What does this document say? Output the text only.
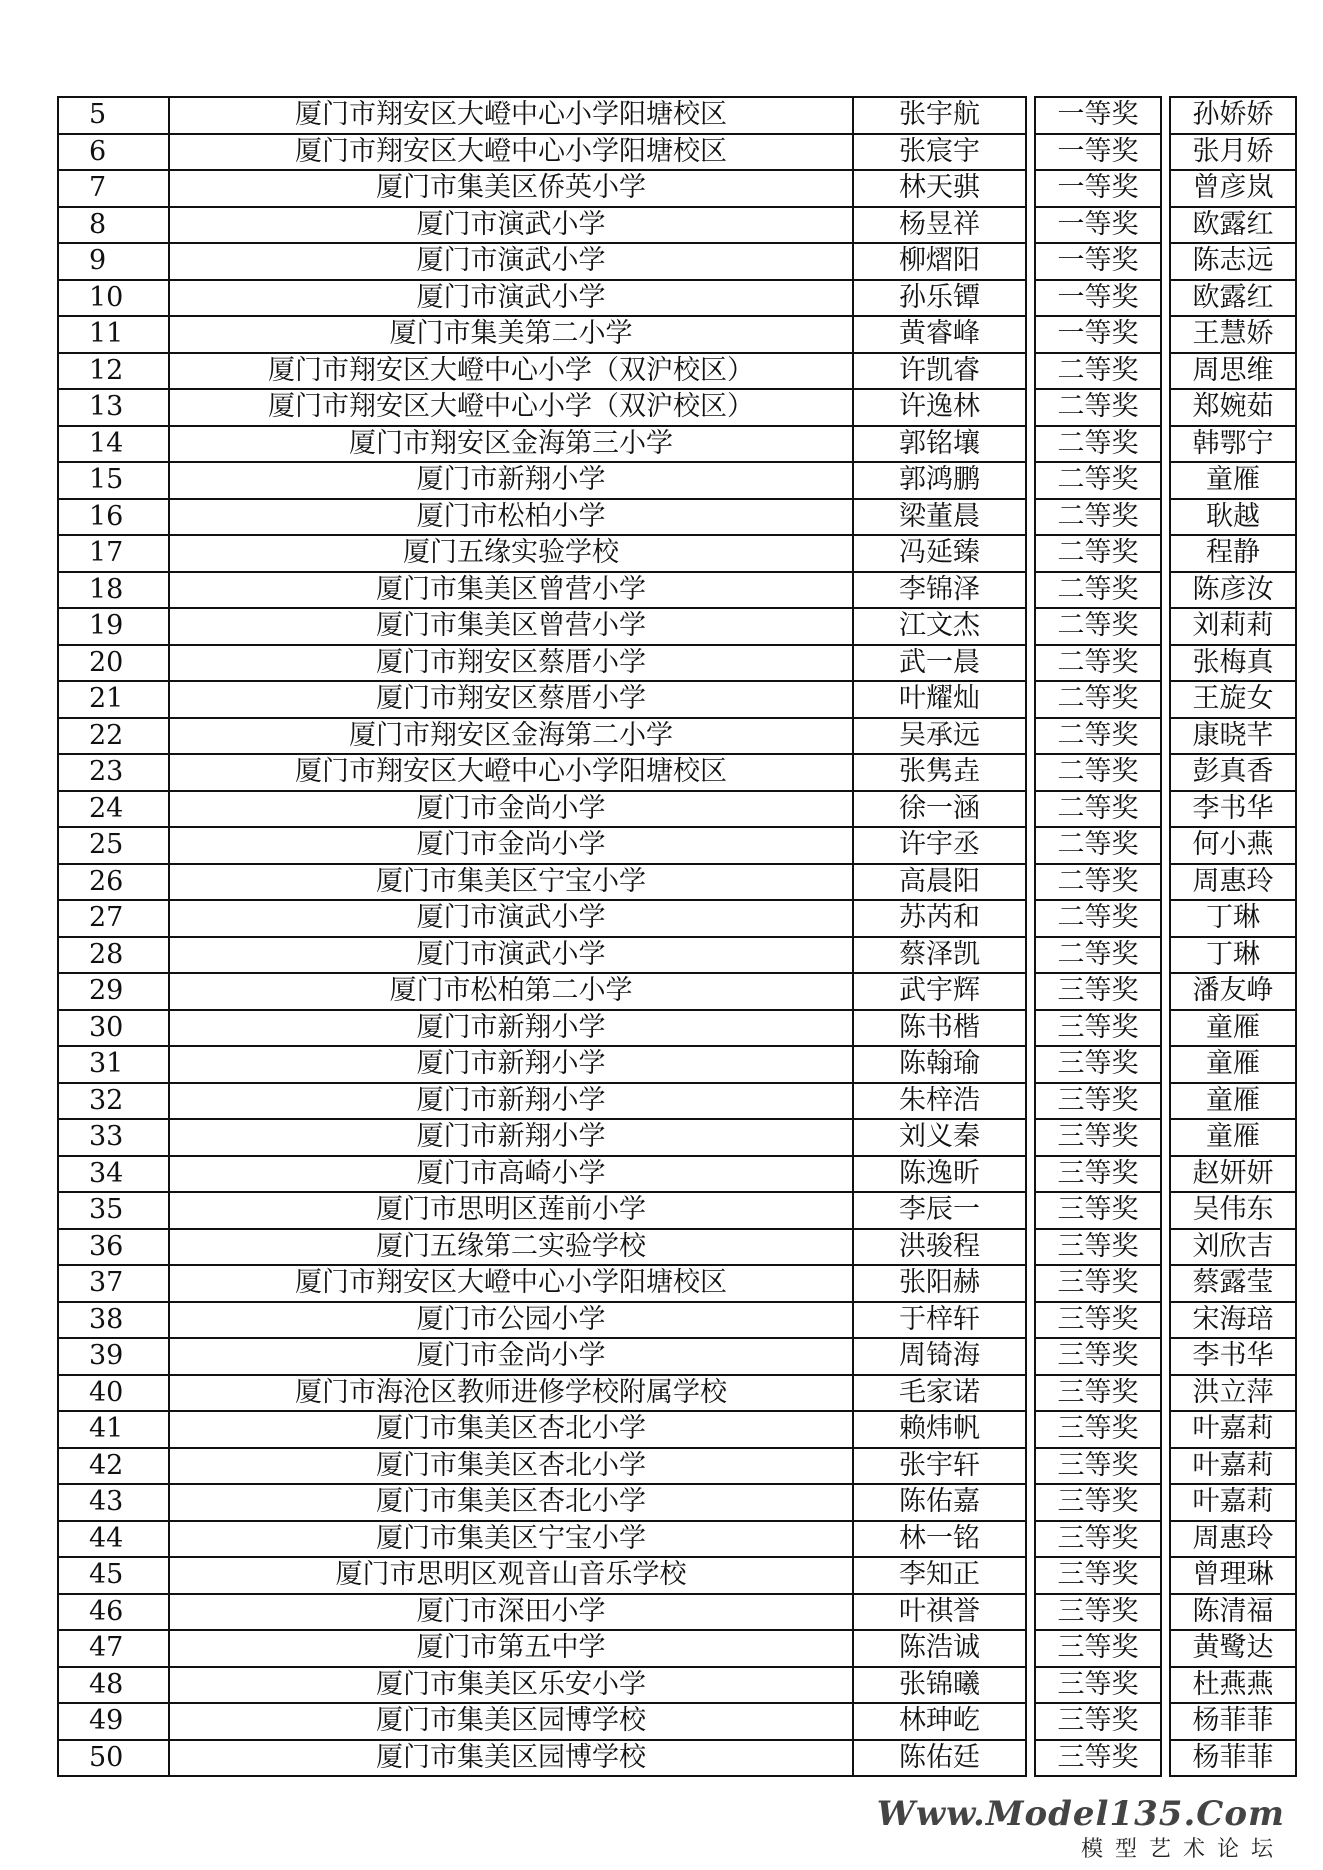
5	厦门市翔安区大嶝中心小学阳塘校区	张宇航		一等奖		孙娇娇
6	厦门市翔安区大嶝中心小学阳塘校区	张宸宇		一等奖		张月娇
7	厦门市集美区侨英小学	林天骐		一等奖		曾彦岚
8	厦门市演武小学	杨昱祥		一等奖		欧露红
9	厦门市演武小学	柳熠阳		一等奖		陈志远
10	厦门市演武小学	孙乐镡		一等奖		欧露红
11	厦门市集美第二小学	黄睿峰		一等奖		王慧娇
12	厦门市翔安区大嶝中心小学（双沪校区）	许凯睿		二等奖		周思维
13	厦门市翔安区大嶝中心小学（双沪校区）	许逸林		二等奖		郑婉茹
14	厦门市翔安区金海第三小学	郭铭壤		二等奖		韩鄂宁
15	厦门市新翔小学	郭鸿鹏		二等奖		童雁
16	厦门市松柏小学	梁董晨		二等奖		耿越
17	厦门五缘实验学校	冯延臻		二等奖		程静
18	厦门市集美区曾营小学	李锦泽		二等奖		陈彦汝
19	厦门市集美区曾营小学	江文杰		二等奖		刘莉莉
20	厦门市翔安区蔡厝小学	武一晨		二等奖		张梅真
21	厦门市翔安区蔡厝小学	叶耀灿		二等奖		王旋女
22	厦门市翔安区金海第二小学	吴承远		二等奖		康晓芊
23	厦门市翔安区大嶝中心小学阳塘校区	张隽垚		二等奖		彭真香
24	厦门市金尚小学	徐一涵		二等奖		李书华
25	厦门市金尚小学	许宇丞		二等奖		何小燕
26	厦门市集美区宁宝小学	高晨阳		二等奖		周惠玲
27	厦门市演武小学	苏芮和		二等奖		丁琳
28	厦门市演武小学	蔡泽凯		二等奖		丁琳
29	厦门市松柏第二小学	武宇辉		三等奖		潘友峥
30	厦门市新翔小学	陈书楷		三等奖		童雁
31	厦门市新翔小学	陈翰瑜		三等奖		童雁
32	厦门市新翔小学	朱梓浩		三等奖		童雁
33	厦门市新翔小学	刘义秦		三等奖		童雁
34	厦门市高崎小学	陈逸昕		三等奖		赵妍妍
35	厦门市思明区莲前小学	李辰一		三等奖		吴伟东
36	厦门五缘第二实验学校	洪骏程		三等奖		刘欣吉
37	厦门市翔安区大嶝中心小学阳塘校区	张阳赫		三等奖		蔡露莹
38	厦门市公园小学	于梓轩		三等奖		宋海琣
39	厦门市金尚小学	周锜海		三等奖		李书华
40	厦门市海沧区教师进修学校附属学校	毛家诺		三等奖		洪立萍
41	厦门市集美区杏北小学	赖炜帆		三等奖		叶嘉莉
42	厦门市集美区杏北小学	张宇轩		三等奖		叶嘉莉
43	厦门市集美区杏北小学	陈佑嘉		三等奖		叶嘉莉
44	厦门市集美区宁宝小学	林一铭		三等奖		周惠玲
45	厦门市思明区观音山音乐学校	李知正		三等奖		曾理琳
46	厦门市深田小学	叶祺誉		三等奖		陈清福
47	厦门市第五中学	陈浩诚		三等奖		黄鹭达
48	厦门市集美区乐安小学	张锦曦		三等奖		杜燕燕
49	厦门市集美区园博学校	林珅屹		三等奖		杨菲菲
50	厦门市集美区园博学校	陈佑廷		三等奖		杨菲菲
Www.Model135.Com
模型艺术论坛
